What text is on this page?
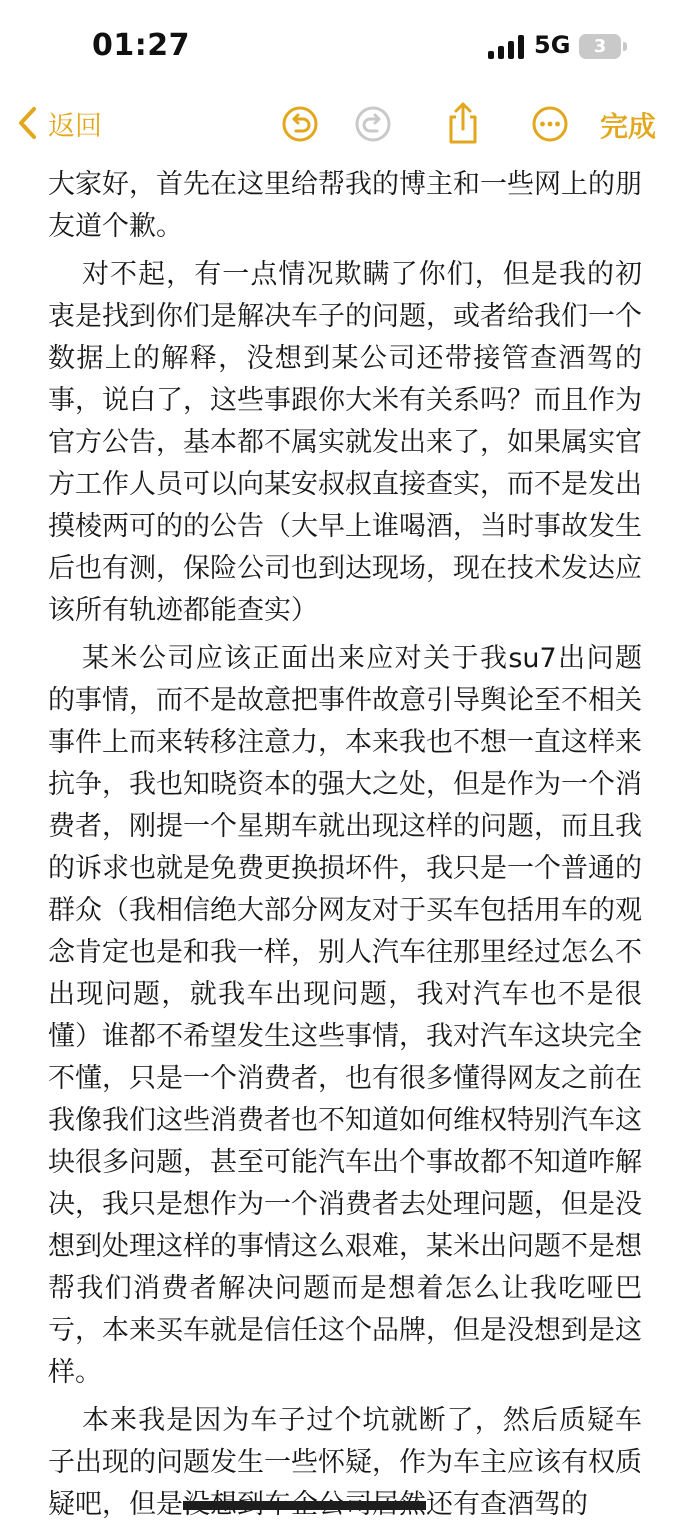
01:27	5G	3
返回	完成

大家好，首先在这里给帮我的博主和一些网上的朋友道个歉。

对不起，有一点情况欺瞒了你们，但是我的初衷是找到你们是解决车子的问题，或者给我们一个数据上的解释，没想到某公司还带接管查酒驾的事，说白了，这些事跟你大米有关系吗？而且作为官方公告，基本都不属实就发出来了，如果属实官方工作人员可以向某安叔叔直接查实，而不是发出摸棱两可的的公告（大早上谁喝酒，当时事故发生后也有测，保险公司也到达现场，现在技术发达应该所有轨迹都能查实）

某米公司应该正面出来应对关于我su7出问题的事情，而不是故意把事件故意引导舆论至不相关事件上而来转移注意力，本来我也不想一直这样来抗争，我也知晓资本的强大之处，但是作为一个消费者，刚提一个星期车就出现这样的问题，而且我的诉求也就是免费更换损坏件，我只是一个普通的群众（我相信绝大部分网友对于买车包括用车的观念肯定也是和我一样，别人汽车往那里经过怎么不出现问题，就我车出现问题，我对汽车也不是很懂）谁都不希望发生这些事情，我对汽车这块完全不懂，只是一个消费者，也有很多懂得网友之前在我像我们这些消费者也不知道如何维权特别汽车这块很多问题，甚至可能汽车出个事故都不知道咋解决，我只是想作为一个消费者去处理问题，但是没想到处理这样的事情这么艰难，某米出问题不是想帮我们消费者解决问题而是想着怎么让我吃哑巴亏，本来买车就是信任这个品牌，但是没想到是这样。

本来我是因为车子过个坑就断了，然后质疑车子出现的问题发生一些怀疑，作为车主应该有权质疑吧，但是没想到车企公司居然还有查酒驾的
